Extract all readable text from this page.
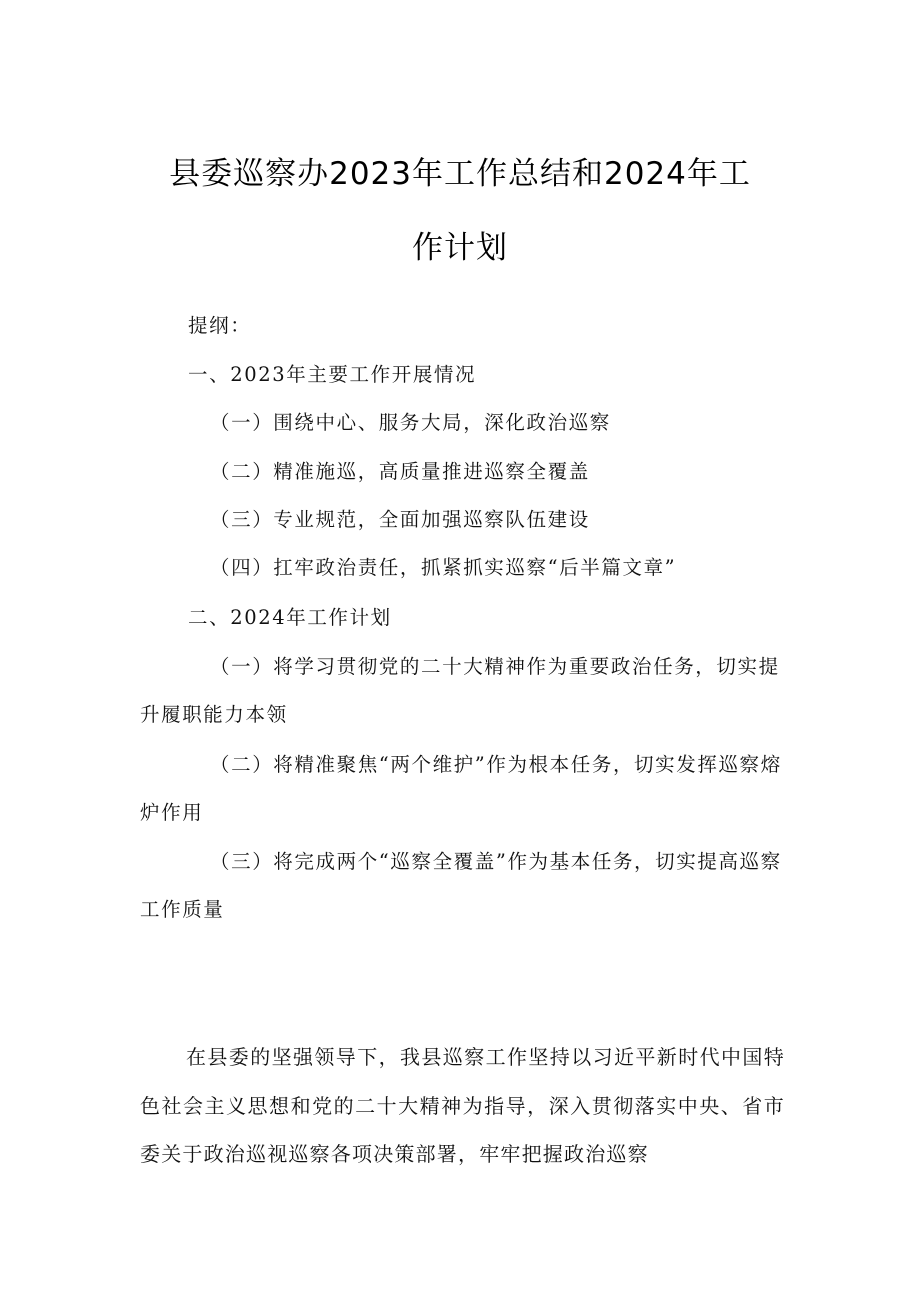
县委巡察办2023年工作总结和2024年工
作计划

提纲：

一、2023年主要工作开展情况

（一）围绕中心、服务大局，深化政治巡察

（二）精准施巡，高质量推进巡察全覆盖

（三）专业规范，全面加强巡察队伍建设

（四）扛牢政治责任，抓紧抓实巡察“后半篇文章”

二、2024年工作计划

（一）将学习贯彻党的二十大精神作为重要政治任务，切实提升履职能力本领

（二）将精准聚焦“两个维护”作为根本任务，切实发挥巡察熔炉作用

（三）将完成两个“巡察全覆盖”作为基本任务，切实提高巡察工作质量

在县委的坚强领导下，我县巡察工作坚持以习近平新时代中国特色社会主义思想和党的二十大精神为指导，深入贯彻落实中央、省市委关于政治巡视巡察各项决策部署，牢牢把握政治巡察
